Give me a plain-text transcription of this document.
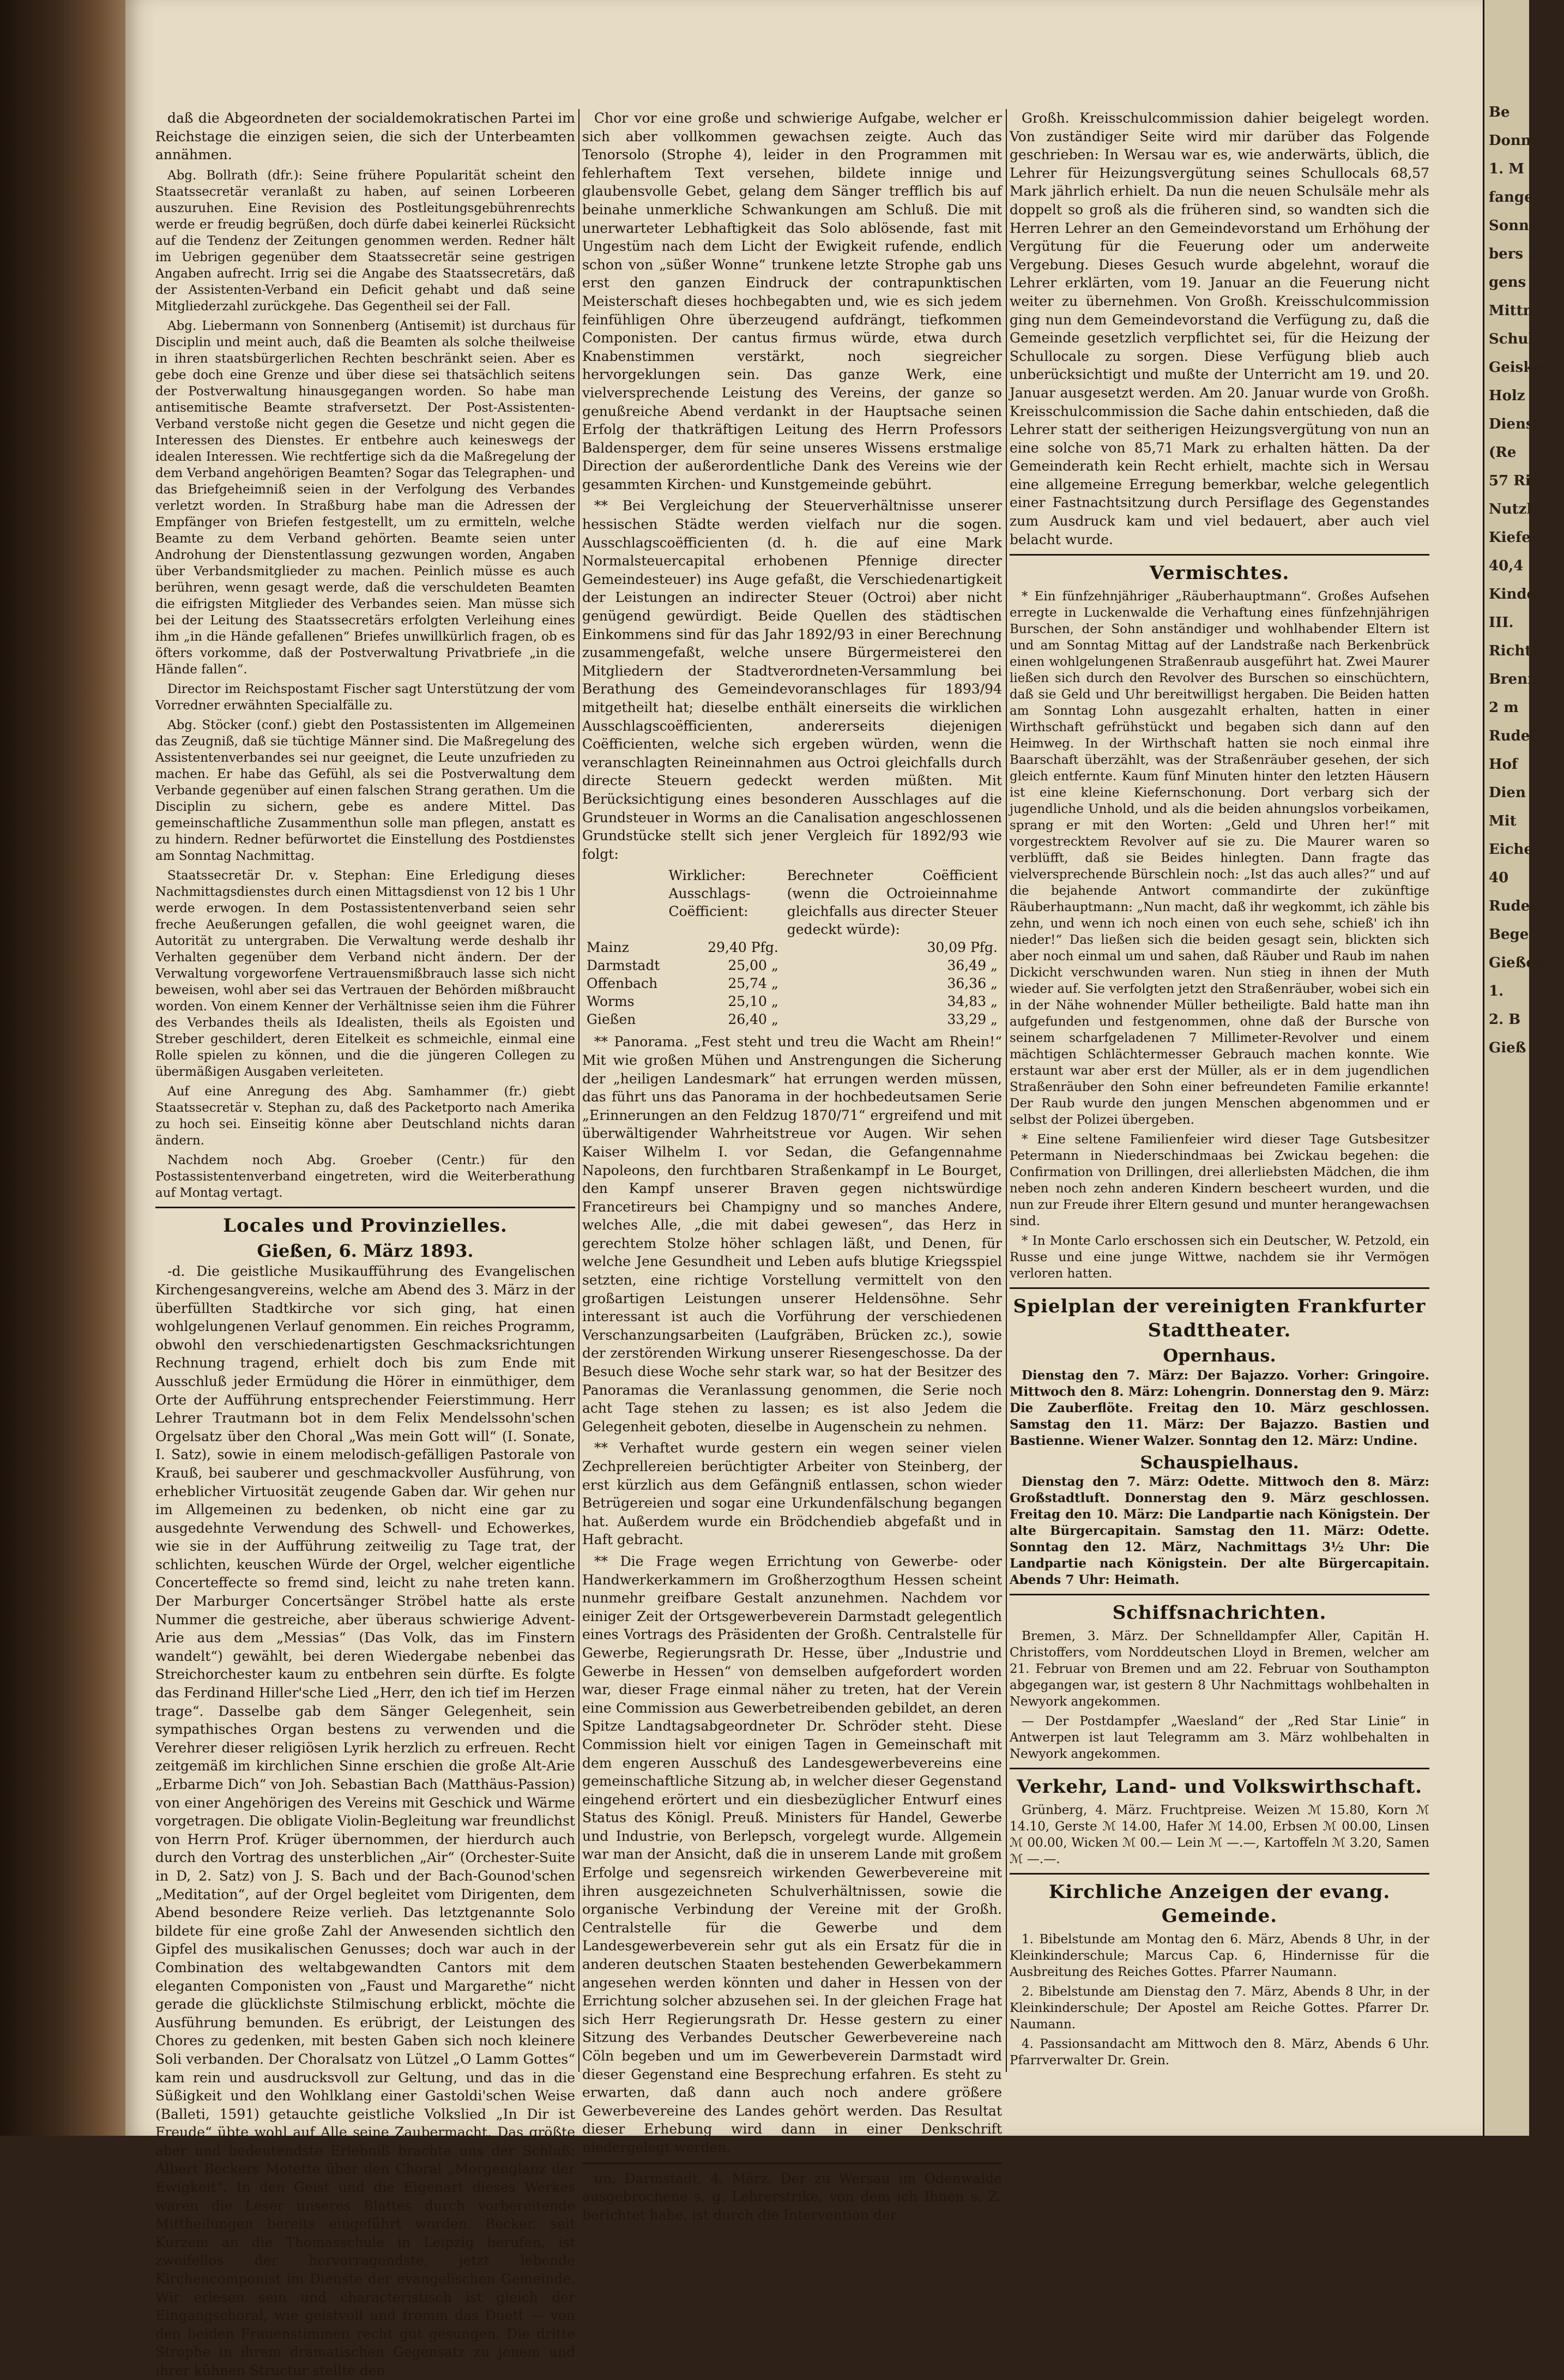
daß die Abgeordneten der socialdemokratischen Partei im Reichstage die einzigen seien, die sich der Unterbeamten annähmen.

Abg. Bollrath (dfr.): Seine frühere Popularität scheint den Staatssecretär veranlaßt zu haben, auf seinen Lorbeeren auszuruhen. Eine Revision des Postleitungsgebührenrechts werde er freudig begrüßen, doch dürfe dabei keinerlei Rücksicht auf die Tendenz der Zeitungen genommen werden. Redner hält im Uebrigen gegenüber dem Staatssecretär seine gestrigen Angaben aufrecht. Irrig sei die Angabe des Staatssecretärs, daß der Assistenten-Verband ein Deficit gehabt und daß seine Mitgliederzahl zurückgehe. Das Gegentheil sei der Fall.

Abg. Liebermann von Sonnenberg (Antisemit) ist durchaus für Disciplin und meint auch, daß die Beamten als solche theilweise in ihren staatsbürgerlichen Rechten beschränkt seien. Aber es gebe doch eine Grenze und über diese sei thatsächlich seitens der Postverwaltung hinausgegangen worden. So habe man antisemitische Beamte strafversetzt. Der Post-Assistenten-Verband verstoße nicht gegen die Gesetze und nicht gegen die Interessen des Dienstes. Er entbehre auch keineswegs der idealen Interessen. Wie rechtfertige sich da die Maßregelung der dem Verband angehörigen Beamten? Sogar das Telegraphen- und das Briefgeheimniß seien in der Verfolgung des Verbandes verletzt worden. In Straßburg habe man die Adressen der Empfänger von Briefen festgestellt, um zu ermitteln, welche Beamte zu dem Verband gehörten. Beamte seien unter Androhung der Dienstentlassung gezwungen worden, Angaben über Verbandsmitglieder zu machen. Peinlich müsse es auch berühren, wenn gesagt werde, daß die verschuldeten Beamten die eifrigsten Mitglieder des Verbandes seien. Man müsse sich bei der Leitung des Staatssecretärs erfolgten Verleihung eines ihm „in die Hände gefallenen“ Briefes unwillkürlich fragen, ob es öfters vorkomme, daß der Postverwaltung Privatbriefe „in die Hände fallen“.

Director im Reichspostamt Fischer sagt Unterstützung der vom Vorredner erwähnten Specialfälle zu.

Abg. Stöcker (conf.) giebt den Postassistenten im Allgemeinen das Zeugniß, daß sie tüchtige Männer sind. Die Maßregelung des Assistentenverbandes sei nur geeignet, die Leute unzufrieden zu machen. Er habe das Gefühl, als sei die Postverwaltung dem Verbande gegenüber auf einen falschen Strang gerathen. Um die Disciplin zu sichern, gebe es andere Mittel. Das gemeinschaftliche Zusammenthun solle man pflegen, anstatt es zu hindern. Redner befürwortet die Einstellung des Postdienstes am Sonntag Nachmittag.

Staatssecretär Dr. v. Stephan: Eine Erledigung dieses Nachmittagsdienstes durch einen Mittagsdienst von 12 bis 1 Uhr werde erwogen. In dem Postassistentenverband seien sehr freche Aeußerungen gefallen, die wohl geeignet waren, die Autorität zu untergraben. Die Verwaltung werde deshalb ihr Verhalten gegenüber dem Verband nicht ändern. Der der Verwaltung vorgeworfene Vertrauensmißbrauch lasse sich nicht beweisen, wohl aber sei das Vertrauen der Behörden mißbraucht worden. Von einem Kenner der Verhältnisse seien ihm die Führer des Verbandes theils als Idealisten, theils als Egoisten und Streber geschildert, deren Eitelkeit es schmeichle, einmal eine Rolle spielen zu können, und die die jüngeren Collegen zu übermäßigen Ausgaben verleiteten.

Auf eine Anregung des Abg. Samhammer (fr.) giebt Staatssecretär v. Stephan zu, daß des Packetporto nach Amerika zu hoch sei. Einseitig könne aber Deutschland nichts daran ändern.

Nachdem noch Abg. Groeber (Centr.) für den Postassistentenverband eingetreten, wird die Weiterberathung auf Montag vertagt.

Locales und Provinzielles.
Gießen, 6. März 1893.

-d. Die geistliche Musikaufführung des Evangelischen Kirchengesangvereins, welche am Abend des 3. März in der überfüllten Stadtkirche vor sich ging, hat einen wohlgelungenen Verlauf genommen. Ein reiches Programm, obwohl den verschiedenartigsten Geschmacksrichtungen Rechnung tragend, erhielt doch bis zum Ende mit Ausschluß jeder Ermüdung die Hörer in einmüthiger, dem Orte der Aufführung entsprechender Feierstimmung. Herr Lehrer Trautmann bot in dem Felix Mendelssohn'schen Orgelsatz über den Choral „Was mein Gott will“ (I. Sonate, I. Satz), sowie in einem melodisch-gefälligen Pastorale von Krauß, bei sauberer und geschmackvoller Ausführung, von erheblicher Virtuosität zeugende Gaben dar. Wir gehen nur im Allgemeinen zu bedenken, ob nicht eine gar zu ausgedehnte Verwendung des Schwell- und Echowerkes, wie sie in der Aufführung zeitweilig zu Tage trat, der schlichten, keuschen Würde der Orgel, welcher eigentliche Concerteffecte so fremd sind, leicht zu nahe treten kann. Der Marburger Concertsänger Ströbel hatte als erste Nummer die gestreiche, aber überaus schwierige Advent-Arie aus dem „Messias“ (Das Volk, das im Finstern wandelt“) gewählt, bei deren Wiedergabe nebenbei das Streichorchester kaum zu entbehren sein dürfte. Es folgte das Ferdinand Hiller'sche Lied „Herr, den ich tief im Herzen trage“. Dasselbe gab dem Sänger Gelegenheit, sein sympathisches Organ bestens zu verwenden und die Verehrer dieser religiösen Lyrik herzlich zu erfreuen. Recht zeitgemäß im kirchlichen Sinne erschien die große Alt-Arie „Erbarme Dich“ von Joh. Sebastian Bach (Matthäus-Passion) von einer Angehörigen des Vereins mit Geschick und Wärme vorgetragen. Die obligate Violin-Begleitung war freundlichst von Herrn Prof. Krüger übernommen, der hierdurch auch durch den Vortrag des unsterblichen „Air“ (Orchester-Suite in D, 2. Satz) von J. S. Bach und der Bach-Gounod'schen „Meditation“, auf der Orgel begleitet vom Dirigenten, dem Abend besondere Reize verlieh. Das letztgenannte Solo bildete für eine große Zahl der Anwesenden sichtlich den Gipfel des musikalischen Genusses; doch war auch in der Combination des weltabgewandten Cantors mit dem eleganten Componisten von „Faust und Margarethe“ nicht gerade die glücklichste Stilmischung erblickt, möchte die Ausführung bemunden. Es erübrigt, der Leistungen des Chores zu gedenken, mit besten Gaben sich noch kleinere Soli verbanden. Der Choralsatz von Lützel „O Lamm Gottes“ kam rein und ausdrucksvoll zur Geltung, und das in die Süßigkeit und den Wohlklang einer Gastoldi'schen Weise (Balleti, 1591) getauchte geistliche Volkslied „In Dir ist Freude“ übte wohl auf Alle seine Zaubermacht. Das größte aber und bedeutendste Erlebniß brachte uns der Schluß: Albert Beckers Motette über den Choral „Morgenglanz der Ewigkeit“. In den Geist und die Eigenart dieses Werkes waren die Leser unseres Blattes durch vorbereitende Mittheilungen bereits eingeführt worden. Becker, seit Kurzem an die Thomasschule in Leipzig berufen, ist zweifellos der hervorragendste, jetzt lebende Kirchencomponist im Dienste der evangelischen Gemeinde. Wir erlesen sein und characteristisch ist gleich der Eingangschoral, wie geistvoll und fromm das Duett — von den beiden Frauenstimmen recht gut gesungen. Die dritte Strophe in ihrem dramatischen Gegensatz zu jenem und ihrer kühnen Structur stellte den

Chor vor eine große und schwierige Aufgabe, welcher er sich aber vollkommen gewachsen zeigte. Auch das Tenorsolo (Strophe 4), leider in den Programmen mit fehlerhaftem Text versehen, bildete innige und glaubensvolle Gebet, gelang dem Sänger trefflich bis auf beinahe unmerkliche Schwankungen am Schluß. Die mit unerwarteter Lebhaftigkeit das Solo ablösende, fast mit Ungestüm nach dem Licht der Ewigkeit rufende, endlich schon von „süßer Wonne“ trunkene letzte Strophe gab uns erst den ganzen Eindruck der contrapunktischen Meisterschaft dieses hochbegabten und, wie es sich jedem feinfühligen Ohre überzeugend aufdrängt, tiefkommen Componisten. Der cantus firmus würde, etwa durch Knabenstimmen verstärkt, noch siegreicher hervorgeklungen sein. Das ganze Werk, eine vielversprechende Leistung des Vereins, der ganze so genußreiche Abend verdankt in der Hauptsache seinen Erfolg der thatkräftigen Leitung des Herrn Professors Baldensperger, dem für seine unseres Wissens erstmalige Direction der außerordentliche Dank des Vereins wie der gesammten Kirchen- und Kunstgemeinde gebührt.

** Bei Vergleichung der Steuerverhältnisse unserer hessischen Städte werden vielfach nur die sogen. Ausschlagscoëfficienten (d. h. die auf eine Mark Normalsteuercapital erhobenen Pfennige directer Gemeindesteuer) ins Auge gefaßt, die Verschiedenartigkeit der Leistungen an indirecter Steuer (Octroi) aber nicht genügend gewürdigt. Beide Quellen des städtischen Einkommens sind für das Jahr 1892/93 in einer Berechnung zusammengefaßt, welche unsere Bürgermeisterei den Mitgliedern der Stadtverordneten-Versammlung bei Berathung des Gemeindevoranschlages für 1893/94 mitgetheilt hat; dieselbe enthält einerseits die wirklichen Ausschlagscoëfficienten, andererseits diejenigen Coëfficienten, welche sich ergeben würden, wenn die veranschlagten Reineinnahmen aus Octroi gleichfalls durch directe Steuern gedeckt werden müßten. Mit Berücksichtigung eines besonderen Ausschlages auf die Grundsteuer in Worms an die Canalisation angeschlossenen Grundstücke stellt sich jener Vergleich für 1892/93 wie folgt:

	Wirklicher: Ausschlags-Coëfficient:	Berechneter Coëfficient (wenn die Octroieinnahme gleichfalls aus directer Steuer gedeckt würde):
Mainz	29,40 Pfg.	30,09 Pfg.
Darmstadt	25,00 „	36,49 „
Offenbach	25,74 „	36,36 „
Worms	25,10 „	34,83 „
Gießen	26,40 „	33,29 „

** Panorama. „Fest steht und treu die Wacht am Rhein!“ Mit wie großen Mühen und Anstrengungen die Sicherung der „heiligen Landesmark“ hat errungen werden müssen, das führt uns das Panorama in der hochbedeutsamen Serie „Erinnerungen an den Feldzug 1870/71“ ergreifend und mit überwältigender Wahrheitstreue vor Augen. Wir sehen Kaiser Wilhelm I. vor Sedan, die Gefangennahme Napoleons, den furchtbaren Straßenkampf in Le Bourget, den Kampf unserer Braven gegen nichtswürdige Francetireurs bei Champigny und so manches Andere, welches Alle, „die mit dabei gewesen“, das Herz in gerechtem Stolze höher schlagen läßt, und Denen, für welche Jene Gesundheit und Leben aufs blutige Kriegsspiel setzten, eine richtige Vorstellung vermittelt von den großartigen Leistungen unserer Heldensöhne. Sehr interessant ist auch die Vorführung der verschiedenen Verschanzungsarbeiten (Laufgräben, Brücken zc.), sowie der zerstörenden Wirkung unserer Riesengeschosse. Da der Besuch diese Woche sehr stark war, so hat der Besitzer des Panoramas die Veranlassung genommen, die Serie noch acht Tage stehen zu lassen; es ist also Jedem die Gelegenheit geboten, dieselbe in Augenschein zu nehmen.

** Verhaftet wurde gestern ein wegen seiner vielen Zechprellereien berüchtigter Arbeiter von Steinberg, der erst kürzlich aus dem Gefängniß entlassen, schon wieder Betrügereien und sogar eine Urkundenfälschung begangen hat. Außerdem wurde ein Brödchendieb abgefaßt und in Haft gebracht.

** Die Frage wegen Errichtung von Gewerbe- oder Handwerkerkammern im Großherzogthum Hessen scheint nunmehr greifbare Gestalt anzunehmen. Nachdem vor einiger Zeit der Ortsgewerbeverein Darmstadt gelegentlich eines Vortrags des Präsidenten der Großh. Centralstelle für Gewerbe, Regierungsrath Dr. Hesse, über „Industrie und Gewerbe in Hessen“ von demselben aufgefordert worden war, dieser Frage einmal näher zu treten, hat der Verein eine Commission aus Gewerbetreibenden gebildet, an deren Spitze Landtagsabgeordneter Dr. Schröder steht. Diese Commission hielt vor einigen Tagen in Gemeinschaft mit dem engeren Ausschuß des Landesgewerbevereins eine gemeinschaftliche Sitzung ab, in welcher dieser Gegenstand eingehend erörtert und ein diesbezüglicher Entwurf eines Status des Königl. Preuß. Ministers für Handel, Gewerbe und Industrie, von Berlepsch, vorgelegt wurde. Allgemein war man der Ansicht, daß die in unserem Lande mit großem Erfolge und segensreich wirkenden Gewerbevereine mit ihren ausgezeichneten Schulverhältnissen, sowie die organische Verbindung der Vereine mit der Großh. Centralstelle für die Gewerbe und dem Landesgewerbeverein sehr gut als ein Ersatz für die in anderen deutschen Staaten bestehenden Gewerbekammern angesehen werden könnten und daher in Hessen von der Errichtung solcher abzusehen sei. In der gleichen Frage hat sich Herr Regierungsrath Dr. Hesse gestern zu einer Sitzung des Verbandes Deutscher Gewerbevereine nach Cöln begeben und um im Gewerbeverein Darmstadt wird dieser Gegenstand eine Besprechung erfahren. Es steht zu erwarten, daß dann auch noch andere größere Gewerbevereine des Landes gehört werden. Das Resultat dieser Erhebung wird dann in einer Denkschrift niedergelegt werden.

un. Darmstadt, 4. März. Der zu Wersau im Odenwalde ausgebrochene s. g. Lehrerstrike, von dem ich Ihnen s. Z. berichtet habe, ist durch die Intervention der

Großh. Kreisschulcommission dahier beigelegt worden. Von zuständiger Seite wird mir darüber das Folgende geschrieben: In Wersau war es, wie anderwärts, üblich, die Lehrer für Heizungsvergütung seines Schullocals 68,57 Mark jährlich erhielt. Da nun die neuen Schulsäle mehr als doppelt so groß als die früheren sind, so wandten sich die Herren Lehrer an den Gemeindevorstand um Erhöhung der Vergütung für die Feuerung oder um anderweite Vergebung. Dieses Gesuch wurde abgelehnt, worauf die Lehrer erklärten, vom 19. Januar an die Feuerung nicht weiter zu übernehmen. Von Großh. Kreisschulcommission ging nun dem Gemeindevorstand die Verfügung zu, daß die Gemeinde gesetzlich verpflichtet sei, für die Heizung der Schullocale zu sorgen. Diese Verfügung blieb auch unberücksichtigt und mußte der Unterricht am 19. und 20. Januar ausgesetzt werden. Am 20. Januar wurde von Großh. Kreisschulcommission die Sache dahin entschieden, daß die Lehrer statt der seitherigen Heizungsvergütung von nun an eine solche von 85,71 Mark zu erhalten hätten. Da der Gemeinderath kein Recht erhielt, machte sich in Wersau eine allgemeine Erregung bemerkbar, welche gelegentlich einer Fastnachtsitzung durch Persiflage des Gegenstandes zum Ausdruck kam und viel bedauert, aber auch viel belacht wurde.

Vermischtes.

* Ein fünfzehnjähriger „Räuberhauptmann“. Großes Aufsehen erregte in Luckenwalde die Verhaftung eines fünfzehnjährigen Burschen, der Sohn anständiger und wohlhabender Eltern ist und am Sonntag Mittag auf der Landstraße nach Berkenbrück einen wohlgelungenen Straßenraub ausgeführt hat. Zwei Maurer ließen sich durch den Revolver des Burschen so einschüchtern, daß sie Geld und Uhr bereitwilligst hergaben. Die Beiden hatten am Sonntag Lohn ausgezahlt erhalten, hatten in einer Wirthschaft gefrühstückt und begaben sich dann auf den Heimweg. In der Wirthschaft hatten sie noch einmal ihre Baarschaft überzählt, was der Straßenräuber gesehen, der sich gleich entfernte. Kaum fünf Minuten hinter den letzten Häusern ist eine kleine Kiefernschonung. Dort verbarg sich der jugendliche Unhold, und als die beiden ahnungslos vorbeikamen, sprang er mit den Worten: „Geld und Uhren her!“ mit vorgestrecktem Revolver auf sie zu. Die Maurer waren so verblüfft, daß sie Beides hinlegten. Dann fragte das vielversprechende Bürschlein noch: „Ist das auch alles?“ und auf die bejahende Antwort commandirte der zukünftige Räuberhauptmann: „Nun macht, daß ihr wegkommt, ich zähle bis zehn, und wenn ich noch einen von euch sehe, schieß' ich ihn nieder!“ Das ließen sich die beiden gesagt sein, blickten sich aber noch einmal um und sahen, daß Räuber und Raub im nahen Dickicht verschwunden waren. Nun stieg in ihnen der Muth wieder auf. Sie verfolgten jetzt den Straßenräuber, wobei sich ein in der Nähe wohnender Müller betheiligte. Bald hatte man ihn aufgefunden und festgenommen, ohne daß der Bursche von seinem scharfgeladenen 7 Millimeter-Revolver und einem mächtigen Schlächtermesser Gebrauch machen konnte. Wie erstaunt war aber erst der Müller, als er in dem jugendlichen Straßenräuber den Sohn einer befreundeten Familie erkannte! Der Raub wurde den jungen Menschen abgenommen und er selbst der Polizei übergeben.

* Eine seltene Familienfeier wird dieser Tage Gutsbesitzer Petermann in Niederschindmaas bei Zwickau begehen: die Confirmation von Drillingen, drei allerliebsten Mädchen, die ihm neben noch zehn anderen Kindern bescheert wurden, und die nun zur Freude ihrer Eltern gesund und munter herangewachsen sind.

* In Monte Carlo erschossen sich ein Deutscher, W. Petzold, ein Russe und eine junge Wittwe, nachdem sie ihr Vermögen verloren hatten.

Spielplan der vereinigten Frankfurter Stadttheater.
Opernhaus.

Dienstag den 7. März: Der Bajazzo. Vorher: Gringoire. Mittwoch den 8. März: Lohengrin. Donnerstag den 9. März: Die Zauberflöte. Freitag den 10. März geschlossen. Samstag den 11. März: Der Bajazzo. Bastien und Bastienne. Wiener Walzer. Sonntag den 12. März: Undine.

Schauspielhaus.

Dienstag den 7. März: Odette. Mittwoch den 8. März: Großstadtluft. Donnerstag den 9. März geschlossen. Freitag den 10. März: Die Landpartie nach Königstein. Der alte Bürgercapitain. Samstag den 11. März: Odette. Sonntag den 12. März, Nachmittags 3½ Uhr: Die Landpartie nach Königstein. Der alte Bürgercapitain. Abends 7 Uhr: Heimath.

Schiffsnachrichten.

Bremen, 3. März. Der Schnelldampfer Aller, Capitän H. Christoffers, vom Norddeutschen Lloyd in Bremen, welcher am 21. Februar von Bremen und am 22. Februar von Southampton abgegangen war, ist gestern 8 Uhr Nachmittags wohlbehalten in Newyork angekommen.

— Der Postdampfer „Waesland“ der „Red Star Linie“ in Antwerpen ist laut Telegramm am 3. März wohlbehalten in Newyork angekommen.

Verkehr, Land- und Volkswirthschaft.

Grünberg, 4. März. Fruchtpreise. Weizen ℳ 15.80, Korn ℳ 14.10, Gerste ℳ 14.00, Hafer ℳ 14.00, Erbsen ℳ 00.00, Linsen ℳ 00.00, Wicken ℳ 00.— Lein ℳ —.—, Kartoffeln ℳ 3.20, Samen ℳ —.—.

Kirchliche Anzeigen der evang. Gemeinde.

1. Bibelstunde am Montag den 6. März, Abends 8 Uhr, in der Kleinkinderschule; Marcus Cap. 6, Hindernisse für die Ausbreitung des Reiches Gottes. Pfarrer Naumann.

2. Bibelstunde am Dienstag den 7. März, Abends 8 Uhr, in der Kleinkinderschule; Der Apostel am Reiche Gottes. Pfarrer Dr. Naumann.

4. Passionsandacht am Mittwoch den 8. März, Abends 6 Uhr. Pfarrverwalter Dr. Grein.

Be
Donn
1. M
fange
Sonne
bers 3
gens 6
Mittn
Schul
Geiskelar
Holz
Dienst
(Re
57 Ri
Nutzh
Kiefe
40,4
Kinde
III.
Richt
Brenn
2 m
Rudell
Hof
Dien
Mit
Eiche
40
Rudel
Bege
Gießer
1.
2. B
Gieß
